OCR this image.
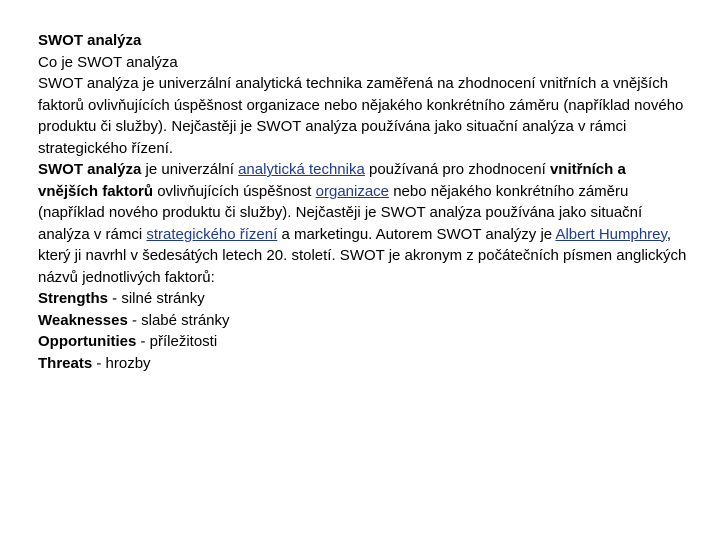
SWOT analýza

Co je SWOT analýza

SWOT analýza je univerzální analytická technika zaměřená na zhodnocení vnitřních a vnějších faktorů ovlivňujících úspěšnost organizace nebo nějakého konkrétního záměru (například nového produktu či služby). Nejčastěji je SWOT analýza používána jako situační analýza v rámci strategického řízení.

SWOT analýza je univerzální analytická technika používaná pro zhodnocení vnitřních a vnějších faktorů ovlivňujících úspěšnost organizace nebo nějakého konkrétního záměru (například nového produktu či služby). Nejčastěji je SWOT analýza používána jako situační analýza v rámci strategického řízení a marketingu. Autorem SWOT analýzy je Albert Humphrey, který ji navrhl v šedesátých letech 20. století. SWOT je akronym z počátečních písmen anglických názvů jednotlivých faktorů:

Strengths - silné stránky

Weaknesses - slabé stránky

Opportunities - příležitosti

Threats - hrozby
